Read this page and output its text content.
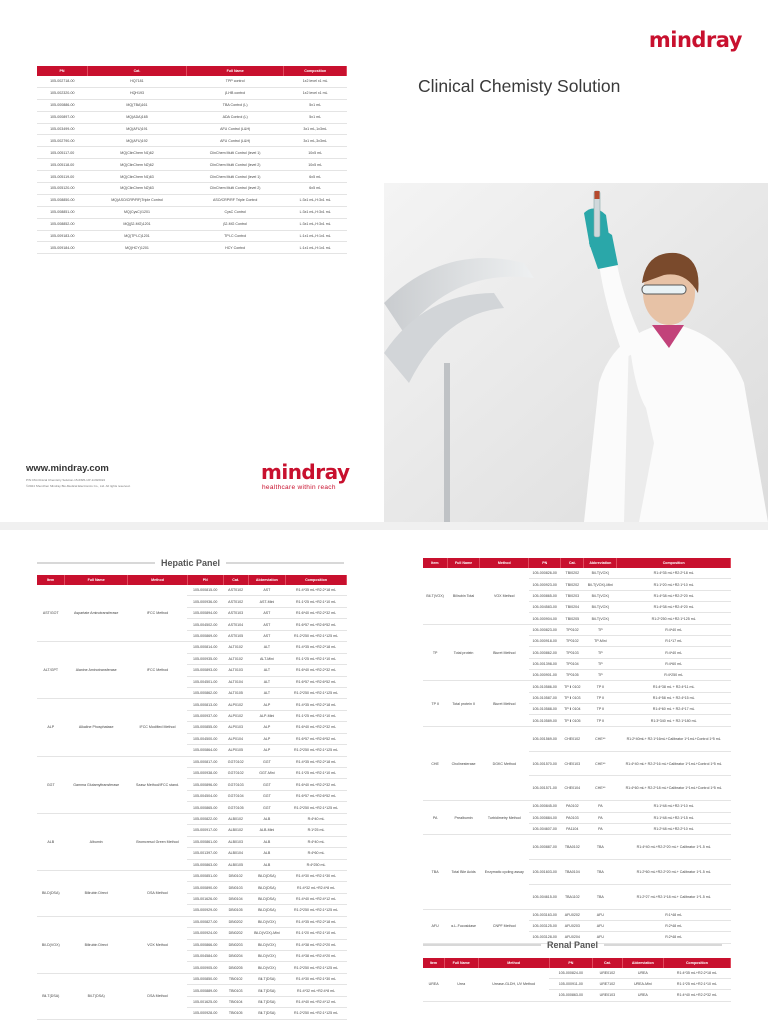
mindray
Clinical Chemisty Solution
PN	Cat.	Full Name	Composition
105-002718-00	HQ7181	TPP control	1x2 level x1 mL
105-002320-00	HQH193	β-HB control	1x2 level x1 mL
105-000886-00	MQ(TBA)161	TBA Control (L)	5x1 mL
105-000897-00	MQ(ADA)165	ADA Control (L)	5x1 mL
105-003499-00	MQ(AFU)191	AFU Control (L&H)	3x1 mL,1x3mL
105-002790-00	MQ(AFU)192	AFU Control (L&H)	3x1 mL,3x3mL
105-005117-00	MQ(ClinChem N1)62	ClinChem Multi Control (level 1)	10x5 mL
105-005118-00	MQ(ClinChem N2)62	ClinChem Multi Control (level 2)	10x5 mL
105-005119-00	MQ(ClinChem N1)63	ClinChem Multi Control (level 1)	6x5 mL
105-005120-00	MQ(ClinChem N2)63	ClinChem Multi Control (level 2)	6x5 mL
105-008850-00	MQ(ASO/CRP/RF)Triple Control	ASO/CRP/RF Triple Control	L:3x1 mL,H:3x1 mL
105-008851-00	MQ(CysC)/1201	CysC Control	L:3x1 mL,H:3x1 mL
105-008852-00	MQ(β2-MG)1201	β2-MG Control	L:3x1 mL,H:3x1 mL
105-009183-00	MQ(TPI-C)1201	TPI-C Control	L:1x1 mL,H:1x1 mL
105-009184-00	MQ(HCY)1201	HCY Control	L:1x1 mL,H:1x1 mL
www.mindray.com
P/N:CM-Clinical Chemistry Solution-15-6/8/6-1/P-1/20/2024
©2024 Shenzhen Mindray Bio-Medical Electronics Co., Ltd. All rights reserved.
mindray
healthcare within reach
Hepatic Panel
Item	Full Name	Method	PN	Cat.	Abbreviation	Composition
AST/GOT	Aspartate Aminotransferase	IFCC Method	105-000815-00	AST0102	AST	R1:4*35 mL+R2:2*18 mL
			105-000936-00	AST0102	AST-Mini	R1:1*25 mL+R2:1*10 mL
			105-000894-00	AST0103	AST	R1:6*40 mL+R2:2*32 mL
			105-004502-00	AST0104	AST	R1:6*57 mL+R2:6*52 mL
			105-000869-00	AST0105	AST	R1:2*250 mL+R2:1*125 mL
ALT/GPT	Alanine Aminotransferase	IFCC Method	105-000814-00	ALT0102	ALT	R1:4*35 mL+R2:2*18 mL
			105-000935-00	ALT0102	ALT-Mini	R1:1*25 mL+R2:1*10 mL
			105-000893-00	ALT0103	ALT	R1:6*40 mL+R2:2*32 mL
			105-004501-00	ALT0104	ALT	R1:6*57 mL+R2:6*52 mL
			105-000862-00	ALT0105	ALT	R1:2*250 mL+R2:1*125 mL
ALP	Alkaline Phosphatase	IFCC Modified Method	105-000813-00	ALP0102	ALP	R1:4*35 mL+R2:2*18 mL
			105-000937-00	ALP0102	ALP-Mini	R1:1*25 mL+R2:1*10 mL
			105-000855-00	ALP0103	ALP	R1:6*40 mL+R2:2*32 mL
			105-004500-00	ALP0104	ALP	R1:6*57 mL+R2:6*52 mL
			105-000864-00	ALP0105	ALP	R1:2*250 mL+R2:1*125 mL
GGT	Gamma Glutamyltransferase	Szasz Method/IFCC stand.	105-000817-00	GGT0102	GGT	R1:4*35 mL+R2:2*18 mL
			105-000938-00	GGT0102	GGT-Mini	R1:1*25 mL+R2:1*10 mL
			105-000896-00	GGT0103	GGT	R1:6*40 mL+R2:2*32 mL
			105-004504-00	GGT0104	GGT	R1:6*57 mL+R2:6*52 mL
			105-000865-00	GGT0105	GGT	R1:2*250 mL+R2:1*125 mL
ALB	Albumin	Bromcresol Green Method	105-000822-00	ALB0102	ALB	R:4*40 mL
			105-000917-00	ALB0102	ALB-Mini	R:1*25 mL
			105-000861-00	ALB0103	ALB	R:4*40 mL
			105-001397-00	ALB0104	ALB	R:4*60 mL
			105-000863-00	ALB0105	ALB	R:4*250 mL
Bil-D(DSA)	Bilirubin Direct	DSA Method	105-000851-00	DBI0102	Bil-D(DSA)	R1:4*30 mL+R2:1*30 mL
			105-000890-00	DBI0103	Bil-D(DSA)	R1:4*32 mL+R2:4*8 mL
			105-001626-00	DBI0104	Bil-D(DSA)	R1:4*40 mL+R2:4*12 mL
			105-000929-00	DBI0105	Bil-D(DSA)	R1:2*250 mL+R2:1*125 mL
Bil-D(VOX)	Bilirubin Direct	VOX Method	105-000827-00	DBI0202	Bil-D(VOX)	R1:4*35 mL+R2:2*18 mL
			105-000924-00	DBI0202	Bil-D(VOX)-Mini	R1:1*20 mL+R2:1*10 mL
			105-000866-00	DBI0203	Bil-D(VOX)	R1:4*38 mL+R2:2*20 mL
			105-004584-00	DBI0204	Bil-D(VOX)	R1:4*38 mL+R2:4*20 mL
			105-000905-00	DBI0205	Bil-D(VOX)	R1:2*250 mL+R2:1*125 mL
Bil-T(DSA)	Bil-T(DSA)	DSA Method	105-000850-00	TBI0102	Bil-T(DSA)	R1:4*30 mL+R2:1*30 mL
			105-000889-00	TBI0103	Bil-T(DSA)	R1:4*32 mL+R2:4*8 mL
			105-001625-00	TBI0104	Bil-T(DSA)	R1:4*40 mL+R2:4*12 mL
			105-000928-00	TBI0105	Bil-T(DSA)	R1:2*250 mL+R2:1*125 mL
Item	Full Name	Method	PN	Cat.	Abbreviation	Composition
Bil-T(VOX)	Bilirubin Total	VOX Method	105-000826-00	TBI0202	Bil-T(VOX)	R1:4*35 mL+R2:2*18 mL
			105-000923-00	TBI0202	Bil-T(VOX)-Mini	R1:1*20 mL+R2:1*10 mL
			105-000865-00	TBI0203	Bil-T(VOX)	R1:4*38 mL+R2:2*20 mL
			105-004583-00	TBI0204	Bil-T(VOX)	R1:4*38 mL+R2:4*20 mL
			105-000904-00	TBI0205	Bil-T(VOX)	R1:2*250 mL+R2:1*125 mL
TP	Total protein	Biuret Method	105-000823-00	TP0102	TP	R:4*40 mL
			105-000918-00	TP0102	TP-Mini	R:1*17 mL
			105-000862-00	TP0103	TP	R:4*40 mL
			105-001398-00	TP0104	TP	R:4*60 mL
			105-000901-00	TP0105	TP	R:4*250 mL
TP Ⅱ	Total protein Ⅱ	Biuret Method	105-010586-00	TP Ⅱ 0102	TP Ⅱ	R1:4*38 mL + R2:4*11 mL
			105-010587-00	TP Ⅱ 0103	TP Ⅱ	R1:4*58 mL + R2:4*15 mL
			105-010588-00	TP Ⅱ 0104	TP Ⅱ	R1:4*60 mL + R2:4*17 mL
			105-010589-00	TP Ⅱ 0105	TP Ⅱ	R1:3*340 mL + R2:1*180 mL
CHE	Cholinesterase	DGKC Method	105-001569-00	CHE0102	CHE**	R1:2*40mL+ R2:1*16mL+Calibrator 1*1mL+Control 1*5 mL
			105-001570-00	CHE0103	CHE**	R1:4*40 mL+ R2:2*16 mL+Calibrator 1*1mL+Control 1*5 mL
			105-001571-00	CHE0104	CHE**	R1:4*60 mL+ R2:2*18 mL+Calibrator 1*1mL+Control 1*5 mL
PA	Prealbumin	Turbidimetry Method	105-000845-00	PA0102	PA	R1:1*48 mL+R2:1*10 mL
			105-000884-00	PA0103	PA	R1:1*48 mL+R2:1*15 mL
			105-004607-00	PA1104	PA	R1:2*48 mL+R2:2*10 mL
TBA	Total Bile Acids	Enzymatic cycling assay	105-000887-00	TBA0102	TBA	R1:4*40 mL+R2:2*20 mL+ Calibrator 1*1.5 mL
			105-001603-00	TBA0104	TBA	R1:2*60 mL+R2:2*20 mL+ Calibrator 1*1.5 mL
			105-004615-00	TBA1102	TBA	R1:2*27 mL+R2:1*18 mL+ Calibrator 1*1.5 mL
AFU	α-L-Fucosidase	CNPF Method	105-003163-00	AFU0202	AFU	R:1*48 mL
			105-003125-00	AFU0203	AFU	R:2*48 mL
			105-003128-00	AFU0204	AFU	R:2*48 mL
Renal Panel
Item	Full Name	Method	PN	Cat.	Abbreviation	Composition
UREA	Urea	Urease-GLDH, UV Method	105-000824-00	URE0102	UREA	R1:4*35 mL+R2:2*18 mL
			105-000911-00	URE7102	UREA-Mini	R1:1*25 mL+R2:1*10 mL
			105-000863-00	URE0103	UREA	R1:4*40 mL+R2:2*32 mL
